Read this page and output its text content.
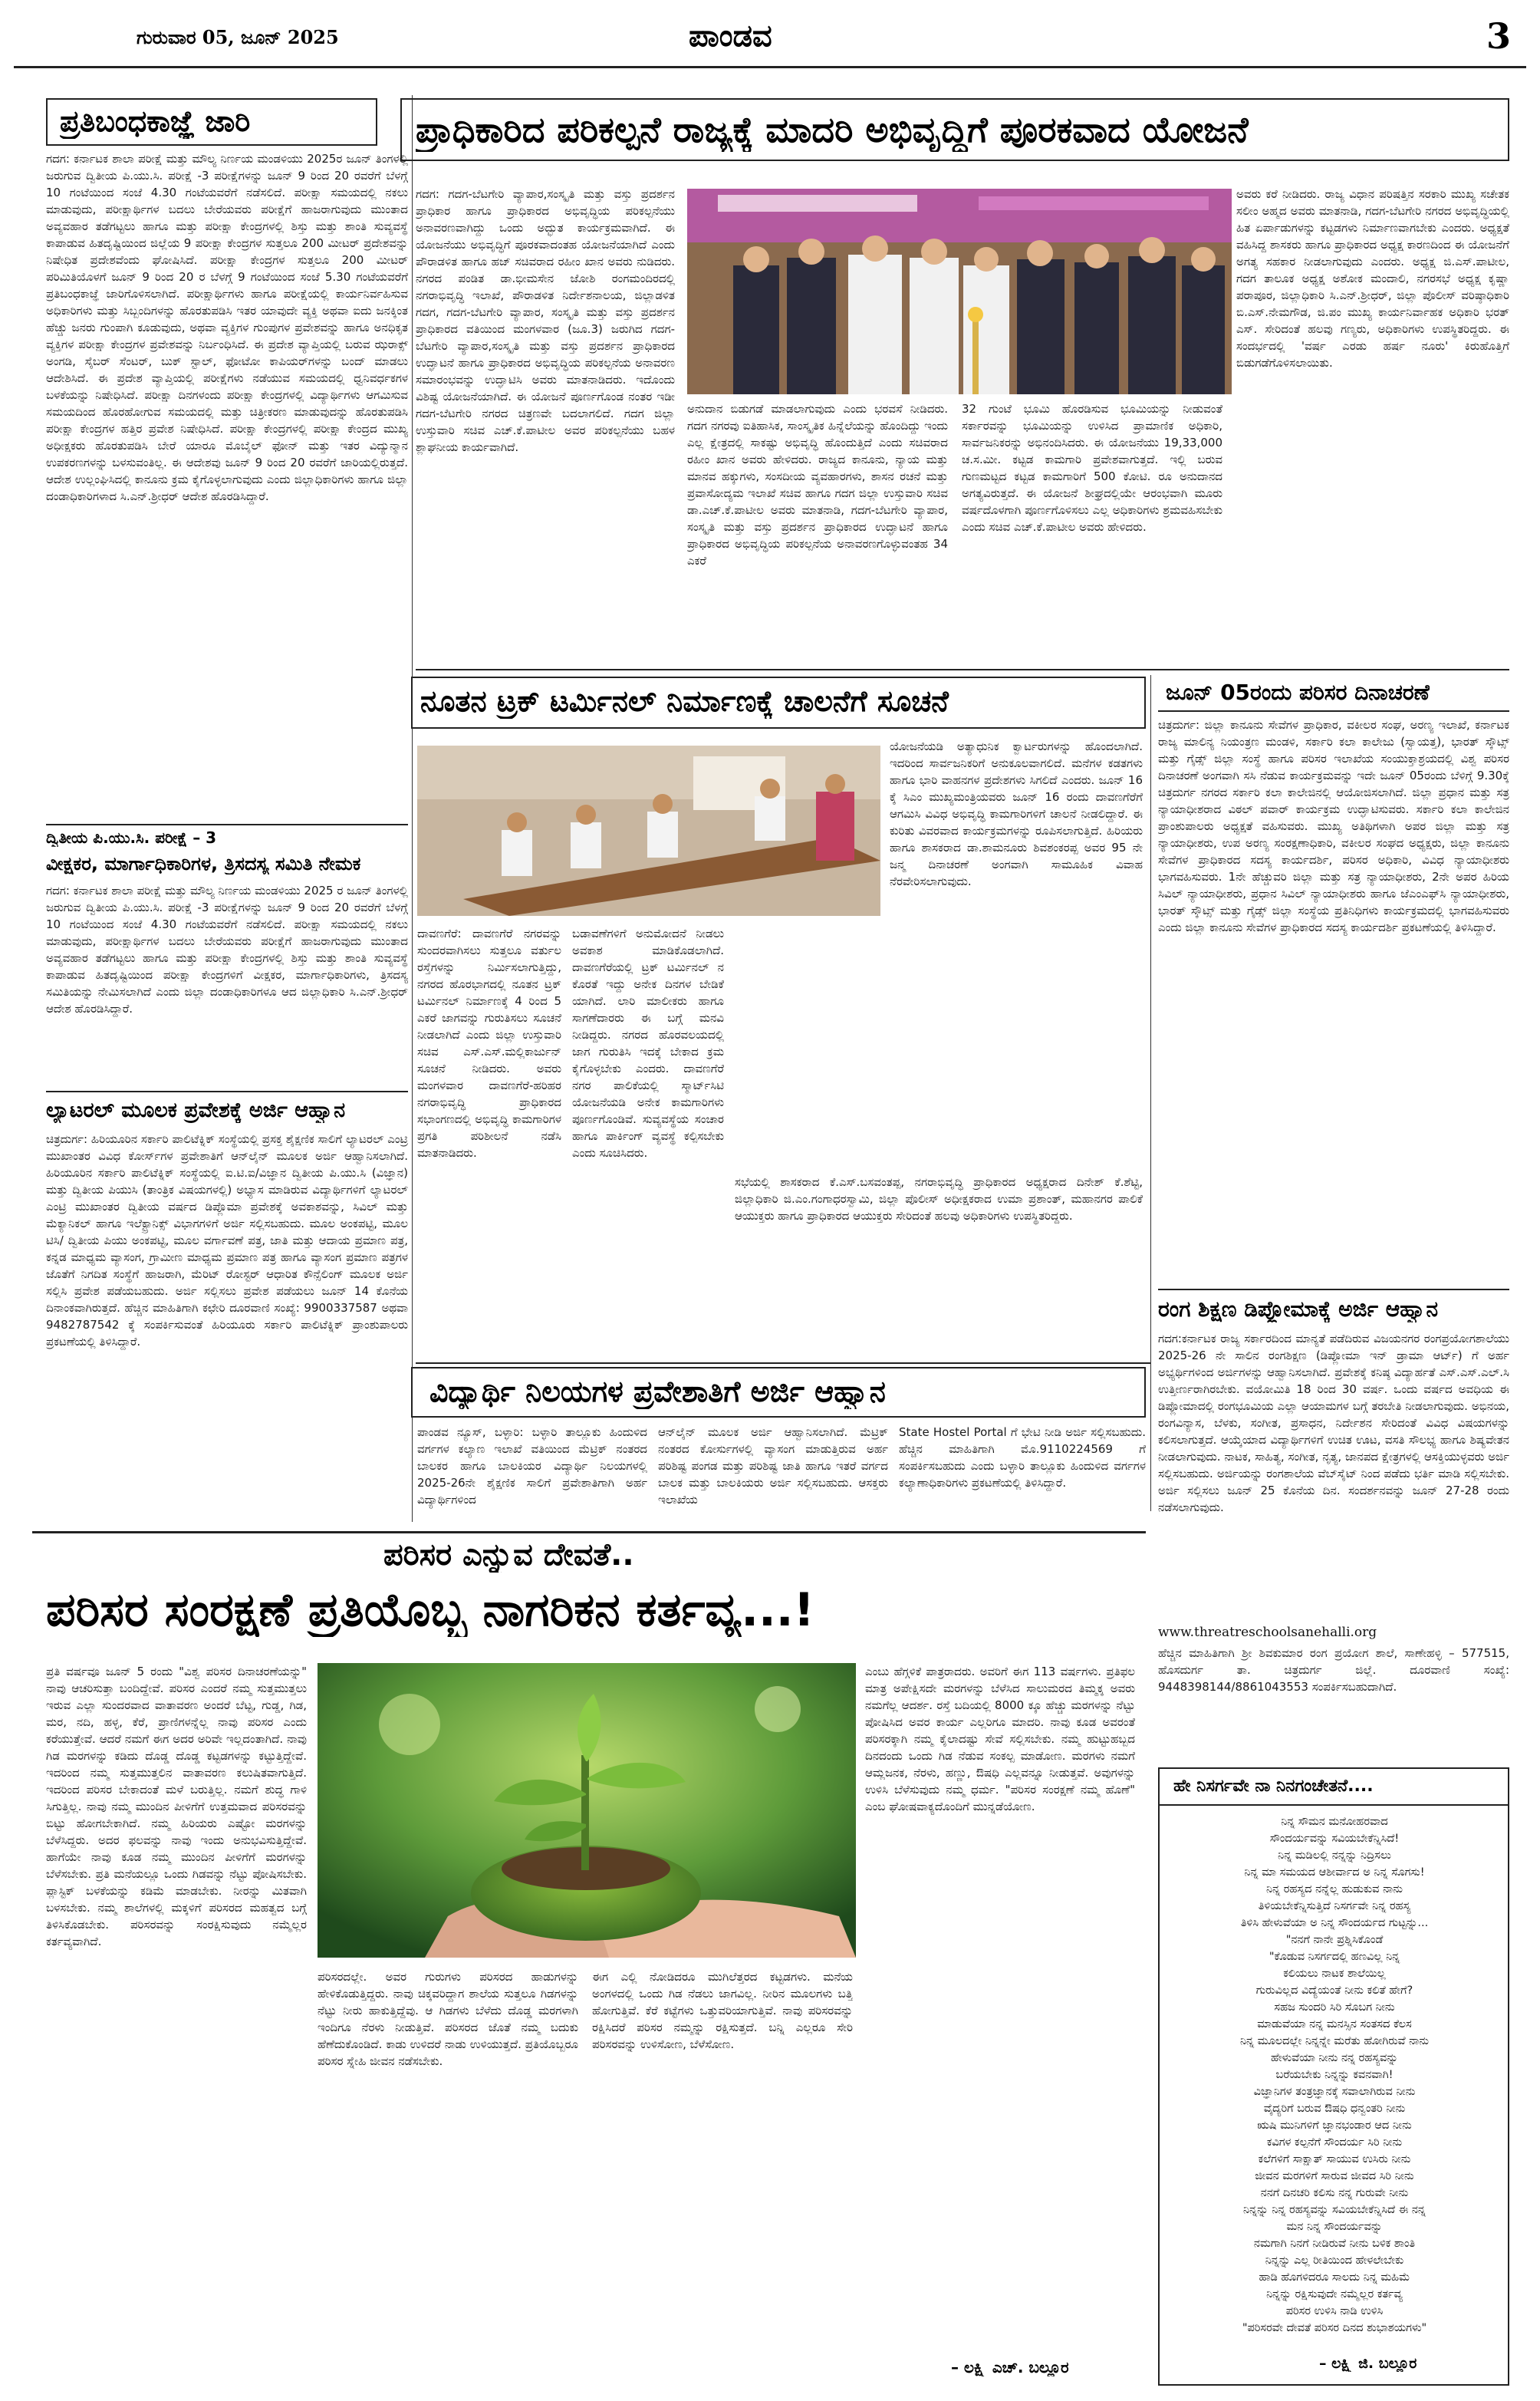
ಗುರುವಾರ 05, ಜೂನ್ 2025	ಪಾಂಡವ	3
ಪ್ರತಿಬಂಧಕಾಜ್ಞೆ ಜಾರಿ
ಗದಗ: ಕರ್ನಾಟಕ ಶಾಲಾ ಪರೀಕ್ಷೆ ಮತ್ತು ಮೌಲ್ಯ ನಿರ್ಣಯ ಮಂಡಳಿಯು 2025ರ ಜೂನ್ ತಿಂಗಳಲ್ಲಿ ಜರುಗುವ ದ್ವಿತೀಯ ಪಿ.ಯು.ಸಿ. ಪರೀಕ್ಷೆ -3 ಪರೀಕ್ಷೆಗಳನ್ನು ಜೂನ್ 9 ರಿಂದ 20 ರವರೆಗೆ ಬೆಳಗ್ಗೆ 10 ಗಂಟೆಯಿಂದ ಸಂಜೆ 4.30 ಗಂಟೆಯವರೆಗೆ ನಡೆಸಲಿದೆ. ಪರೀಕ್ಷಾ ಸಮಯದಲ್ಲಿ ನಕಲು ಮಾಡುವುದು, ಪರೀಕ್ಷಾರ್ಥಿಗಳ ಬದಲು ಬೇರೆಯವರು ಪರೀಕ್ಷೆಗೆ ಹಾಜರಾಗುವುದು ಮುಂತಾದ ಅವ್ಯವಹಾರ ತಡೆಗಟ್ಟಲು ಹಾಗೂ ಮತ್ತು ಪರೀಕ್ಷಾ ಕೇಂದ್ರಗಳಲ್ಲಿ ಶಿಸ್ತು ಮತ್ತು ಶಾಂತಿ ಸುವ್ಯವಸ್ಥೆ ಕಾಪಾಡುವ ಹಿತದೃಷ್ಟಿಯಿಂದ ಜಿಲ್ಲೆಯ 9 ಪರೀಕ್ಷಾ ಕೇಂದ್ರಗಳ ಸುತ್ತಲೂ 200 ಮೀಟರ್ ಪ್ರದೇಶವನ್ನು ನಿಷೇಧಿತ ಪ್ರದೇಶವೆಂದು ಘೋಷಿಸಿದೆ. ಪರೀಕ್ಷಾ ಕೇಂದ್ರಗಳ ಸುತ್ತಲೂ 200 ಮೀಟರ್ ಪರಿಮಿತಿಯೊಳಗೆ ಜೂನ್ 9 ರಿಂದ 20 ರ ಬೆಳಗ್ಗೆ 9 ಗಂಟೆಯಿಂದ ಸಂಜೆ 5.30 ಗಂಟೆಯವರೆಗೆ ಪ್ರತಿಬಂಧಕಾಜ್ಞೆ ಜಾರಿಗೊಳಿಸಲಾಗಿದೆ. ಪರೀಕ್ಷಾರ್ಥಿಗಳು ಹಾಗೂ ಪರೀಕ್ಷೆಯಲ್ಲಿ ಕಾರ್ಯನಿರ್ವಹಿಸುವ ಅಧಿಕಾರಿಗಳು ಮತ್ತು ಸಿಬ್ಬಂದಿಗಳನ್ನು ಹೊರತುಪಡಿಸಿ ಇತರ ಯಾವುದೇ ವ್ಯಕ್ತಿ ಅಥವಾ ಐದು ಜನಕ್ಕಿಂತ ಹೆಚ್ಚು ಜನರು ಗುಂಪಾಗಿ ಕೂಡುವುದು, ಅಥವಾ ವ್ಯಕ್ತಿಗಳ ಗುಂಪುಗಳ ಪ್ರವೇಶವನ್ನು ಹಾಗೂ ಅನಧಿಕೃತ ವ್ಯಕ್ತಿಗಳ ಪರೀಕ್ಷಾ ಕೇಂದ್ರಗಳ ಪ್ರವೇಶವನ್ನು ನಿರ್ಬಂಧಿಸಿದೆ. ಈ ಪ್ರದೇಶ ವ್ಯಾಪ್ತಿಯಲ್ಲಿ ಬರುವ ಝರಾಕ್ಸ್ ಅಂಗಡಿ, ಸೈಬರ್ ಸೆಂಟರ್, ಬುಕ್ ಸ್ಟಾಲ್, ಫೋಟೋ ಕಾಪಿಯರ್‌ಗಳನ್ನು ಬಂದ್ ಮಾಡಲು ಆದೇಶಿಸಿದೆ. ಈ ಪ್ರದೇಶ ವ್ಯಾಪ್ತಿಯಲ್ಲಿ ಪರೀಕ್ಷೆಗಳು ನಡೆಯುವ ಸಮಯದಲ್ಲಿ ಧ್ವನಿವರ್ಧಕಗಳ ಬಳಕೆಯನ್ನು ನಿಷೇಧಿಸಿದೆ. ಪರೀಕ್ಷಾ ದಿನಗಳಂದು ಪರೀಕ್ಷಾ ಕೇಂದ್ರಗಳಲ್ಲಿ ವಿದ್ಯಾರ್ಥಿಗಳು ಆಗಮಿಸುವ ಸಮಯದಿಂದ ಹೊರಹೋಗುವ ಸಮಯದಲ್ಲಿ ಮತ್ತು ಚಿತ್ರೀಕರಣ ಮಾಡುವುದನ್ನು ಹೊರತುಪಡಿಸಿ ಪರೀಕ್ಷಾ ಕೇಂದ್ರಗಳ ಹತ್ತಿರ ಪ್ರವೇಶ ನಿಷೇಧಿಸಿದೆ. ಪರೀಕ್ಷಾ ಕೇಂದ್ರಗಳಲ್ಲಿ ಪರೀಕ್ಷಾ ಕೇಂದ್ರದ ಮುಖ್ಯ ಅಧೀಕ್ಷಕರು ಹೊರತುಪಡಿಸಿ ಬೇರೆ ಯಾರೂ ಮೊಬೈಲ್ ಫೋನ್ ಮತ್ತು ಇತರ ವಿದ್ಯುನ್ಮಾನ ಉಪಕರಣಗಳನ್ನು ಬಳಸುವಂತಿಲ್ಲ. ಈ ಆದೇಶವು ಜೂನ್ 9 ರಿಂದ 20 ರವರೆಗೆ ಜಾರಿಯಲ್ಲಿರುತ್ತದೆ. ಆದೇಶ ಉಲ್ಲಂಘಿಸಿದಲ್ಲಿ ಕಾನೂನು ಕ್ರಮ ಕೈಗೊಳ್ಳಲಾಗುವುದು ಎಂದು ಜಿಲ್ಲಾಧಿಕಾರಿಗಳು ಹಾಗೂ ಜಿಲ್ಲಾ ದಂಡಾಧಿಕಾರಿಗಳಾದ ಸಿ.ಎನ್.ಶ್ರೀಧರ್ ಆದೇಶ ಹೊರಡಿಸಿದ್ದಾರೆ.
ದ್ವಿತೀಯ ಪಿ.ಯು.ಸಿ. ಪರೀಕ್ಷೆ – 3
ವೀಕ್ಷಕರ, ಮಾರ್ಗಾಧಿಕಾರಿಗಳ, ತ್ರಿಸದಸ್ಯ ಸಮಿತಿ ನೇಮಕ
ಗದಗ: ಕರ್ನಾಟಕ ಶಾಲಾ ಪರೀಕ್ಷೆ ಮತ್ತು ಮೌಲ್ಯ ನಿರ್ಣಯ ಮಂಡಳಿಯು 2025 ರ ಜೂನ್ ತಿಂಗಳಲ್ಲಿ ಜರುಗುವ ದ್ವಿತೀಯ ಪಿ.ಯು.ಸಿ. ಪರೀಕ್ಷೆ -3 ಪರೀಕ್ಷೆಗಳನ್ನು ಜೂನ್ 9 ರಿಂದ 20 ರವರೆಗೆ ಬೆಳಗ್ಗೆ 10 ಗಂಟೆಯಿಂದ ಸಂಜೆ 4.30 ಗಂಟೆಯವರೆಗೆ ನಡೆಸಲಿದೆ. ಪರೀಕ್ಷಾ ಸಮಯದಲ್ಲಿ ನಕಲು ಮಾಡುವುದು, ಪರೀಕ್ಷಾರ್ಥಿಗಳ ಬದಲು ಬೇರೆಯವರು ಪರೀಕ್ಷೆಗೆ ಹಾಜರಾಗುವುದು ಮುಂತಾದ ಅವ್ಯವಹಾರ ತಡೆಗಟ್ಟಲು ಹಾಗೂ ಮತ್ತು ಪರೀಕ್ಷಾ ಕೇಂದ್ರಗಳಲ್ಲಿ ಶಿಸ್ತು ಮತ್ತು ಶಾಂತಿ ಸುವ್ಯವಸ್ಥೆ ಕಾಪಾಡುವ ಹಿತದೃಷ್ಟಿಯಿಂದ ಪರೀಕ್ಷಾ ಕೇಂದ್ರಗಳಿಗೆ ವೀಕ್ಷಕರ, ಮಾರ್ಗಾಧಿಕಾರಿಗಳು, ತ್ರಿಸದಸ್ಯ ಸಮಿತಿಯನ್ನು ನೇಮಿಸಲಾಗಿದೆ ಎಂದು ಜಿಲ್ಲಾ ದಂಡಾಧಿಕಾರಿಗಳೂ ಆದ ಜಿಲ್ಲಾಧಿಕಾರಿ ಸಿ.ಎನ್.ಶ್ರೀಧರ್ ಆದೇಶ ಹೊರಡಿಸಿದ್ದಾರೆ.
ಲ್ಯಾಟರಲ್ ಮೂಲಕ ಪ್ರವೇಶಕ್ಕೆ ಅರ್ಜಿ ಆಹ್ವಾನ
ಚಿತ್ರದುರ್ಗ: ಹಿರಿಯೂರಿನ ಸರ್ಕಾರಿ ಪಾಲಿಟೆಕ್ನಿಕ್ ಸಂಸ್ಥೆಯಲ್ಲಿ ಪ್ರಸಕ್ತ ಶೈಕ್ಷಣಿಕ ಸಾಲಿಗೆ ಲ್ಯಾಟರಲ್ ಎಂಟ್ರಿ ಮುಖಾಂತರ ವಿವಿಧ ಕೋರ್ಸ್‌ಗಳ ಪ್ರವೇಶಾತಿಗೆ ಆನ್‌ಲೈನ್ ಮೂಲಕ ಅರ್ಜಿ ಆಹ್ವಾನಿಸಲಾಗಿದೆ. ಹಿರಿಯೂರಿನ ಸರ್ಕಾರಿ ಪಾಲಿಟೆಕ್ನಿಕ್ ಸಂಸ್ಥೆಯಲ್ಲಿ ಐ.ಟಿ.ಐ/ವಿಜ್ಞಾನ ದ್ವಿತೀಯ ಪಿ.ಯು.ಸಿ (ವಿಜ್ಞಾನ) ಮತ್ತು ದ್ವಿತೀಯ ಪಿಯುಸಿ (ತಾಂತ್ರಿಕ ವಿಷಯಗಳಲ್ಲಿ) ಅಭ್ಯಾಸ ಮಾಡಿರುವ ವಿದ್ಯಾರ್ಥಿಗಳಿಗೆ ಲ್ಯಾಟರಲ್ ಎಂಟ್ರಿ ಮುಖಾಂತರ ದ್ವಿತೀಯ ವರ್ಷದ ಡಿಪ್ಲೊಮಾ ಪ್ರವೇಶಕ್ಕೆ ಅವಕಾಶವನ್ನು, ಸಿವಿಲ್ ಮತ್ತು ಮೆಕ್ಯಾನಿಕಲ್ ಹಾಗೂ ಇಲೆಕ್ಟ್ರಾನಿಕ್ಸ್ ವಿಭಾಗಗಳಿಗೆ ಅರ್ಜಿ ಸಲ್ಲಿಸಬಹುದು. ಮೂಲ ಅಂಕಪಟ್ಟಿ, ಮೂಲ ಟಿಸಿ/ ದ್ವಿತೀಯ ಪಿಯು ಅಂಕಪಟ್ಟಿ, ಮೂಲ ವರ್ಗಾವಣೆ ಪತ್ರ, ಜಾತಿ ಮತ್ತು ಆದಾಯ ಪ್ರಮಾಣ ಪತ್ರ, ಕನ್ನಡ ಮಾಧ್ಯಮ ವ್ಯಾಸಂಗ, ಗ್ರಾಮೀಣ ಮಾಧ್ಯಮ ಪ್ರಮಾಣ ಪತ್ರ ಹಾಗೂ ವ್ಯಾಸಂಗ ಪ್ರಮಾಣ ಪತ್ರಗಳ ಜೊತೆಗೆ ನಿಗದಿತ ಸಂಸ್ಥೆಗೆ ಹಾಜರಾಗಿ, ಮೆರಿಟ್ ರೋಸ್ಟರ್ ಆಧಾರಿತ ಕೌನ್ಸೆಲಿಂಗ್ ಮೂಲಕ ಅರ್ಜಿ ಸಲ್ಲಿಸಿ ಪ್ರವೇಶ ಪಡೆಯಬಹುದು. ಅರ್ಜಿ ಸಲ್ಲಿಸಲು ಪ್ರವೇಶ ಪಡೆಯಲು ಜೂನ್ 14 ಕೊನೆಯ ದಿನಾಂಕವಾಗಿರುತ್ತದೆ. ಹೆಚ್ಚಿನ ಮಾಹಿತಿಗಾಗಿ ಕಛೇರಿ ದೂರವಾಣಿ ಸಂಖ್ಯೆ: 9900337587 ಅಥವಾ 9482787542 ಕ್ಕೆ ಸಂಪರ್ಕಿಸುವಂತೆ ಹಿರಿಯೂರು ಸರ್ಕಾರಿ ಪಾಲಿಟೆಕ್ನಿಕ್ ಪ್ರಾಂಶುಪಾಲರು ಪ್ರಕಟಣೆಯಲ್ಲಿ ತಿಳಿಸಿದ್ದಾರೆ.
ಪ್ರಾಧಿಕಾರಿದ ಪರಿಕಲ್ಪನೆ ರಾಜ್ಯಕ್ಕೆ ಮಾದರಿ ಅಭಿವೃದ್ಧಿಗೆ ಪೂರಕವಾದ ಯೋಜನೆ
ಗದಗ: ಗದಗ-ಬೆಟಗೇರಿ ವ್ಯಾಪಾರ,ಸಂಸ್ಕೃತಿ ಮತ್ತು ವಸ್ತು ಪ್ರದರ್ಶನ ಪ್ರಾಧಿಕಾರ ಹಾಗೂ ಪ್ರಾಧಿಕಾರದ ಅಭಿವೃದ್ಧಿಯ ಪರಿಕಲ್ಪನೆಯು ಅನಾವರಣವಾಗಿದ್ದು ಒಂದು ಅದ್ಭುತ ಕಾರ್ಯಕ್ರಮವಾಗಿದೆ. ಈ ಯೋಜನೆಯು ಅಭಿವೃದ್ಧಿಗೆ ಪೂರಕವಾದಂತಹ ಯೋಜನೆಯಾಗಿದೆ ಎಂದು ಪೌರಾಡಳಿತ ಹಾಗೂ ಹಜ್ ಸಚಿವರಾದ ರಹೀಂ ಖಾನ ಅವರು ನುಡಿದರು. ನಗರದ ಪಂಡಿತ ಡಾ.ಭೀಮಸೇನ ಜೋಶಿ ರಂಗಮಂದಿರದಲ್ಲಿ ನಗರಾಭಿವೃದ್ಧಿ ಇಲಾಖೆ, ಪೌರಾಡಳಿತ ನಿರ್ದೇಶನಾಲಯ, ಜಿಲ್ಲಾಡಳಿತ ಗದಗ, ಗದಗ-ಬೆಟಗೇರಿ ವ್ಯಾಪಾರ, ಸಂಸ್ಕೃತಿ ಮತ್ತು ವಸ್ತು ಪ್ರದರ್ಶನ ಪ್ರಾಧಿಕಾರದ ವತಿಯಿಂದ ಮಂಗಳವಾರ (ಜೂ.3) ಜರುಗಿದ ಗದಗ-ಬೆಟಗೇರಿ ವ್ಯಾಪಾರ,ಸಂಸ್ಕೃತಿ ಮತ್ತು ವಸ್ತು ಪ್ರದರ್ಶನ ಪ್ರಾಧಿಕಾರದ ಉದ್ಘಾಟನೆ ಹಾಗೂ ಪ್ರಾಧಿಕಾರದ ಅಭಿವೃದ್ಧಿಯ ಪರಿಕಲ್ಪನೆಯ ಅನಾವರಣ ಸಮಾರಂಭವನ್ನು ಉದ್ಘಾಟಿಸಿ ಅವರು ಮಾತನಾಡಿದರು. ಇದೊಂದು ವಿಶಿಷ್ಟ ಯೋಜನೆಯಾಗಿದೆ. ಈ ಯೋಜನೆ ಪೂರ್ಣಗೊಂಡ ನಂತರ ಇಡೀ ಗದಗ-ಬೆಟಗೇರಿ ನಗರದ ಚಿತ್ರಣವೇ ಬದಲಾಗಲಿದೆ. ಗದಗ ಜಿಲ್ಲಾ ಉಸ್ತುವಾರಿ ಸಚಿವ ಎಚ್.ಕೆ.ಪಾಟೀಲ ಅವರ ಪರಿಕಲ್ಪನೆಯು ಬಹಳ ಶ್ಲಾಘನೀಯ ಕಾರ್ಯವಾಗಿದೆ.
ಅನುದಾನ ಬಿಡುಗಡೆ ಮಾಡಲಾಗುವುದು ಎಂದು ಭರವಸೆ ನೀಡಿದರು. ಗದಗ ನಗರವು ಐತಿಹಾಸಿಕ, ಸಾಂಸ್ಕೃತಿಕ ಹಿನ್ನೆಲೆಯನ್ನು ಹೊಂದಿದ್ದು ಇಂದು ಎಲ್ಲ ಕ್ಷೇತ್ರದಲ್ಲಿ ಸಾಕಷ್ಟು ಅಭಿವೃದ್ಧಿ ಹೊಂದುತ್ತಿದೆ ಎಂದು ಸಚಿವರಾದ ರಹೀಂ ಖಾನ ಅವರು ಹೇಳಿದರು. ರಾಜ್ಯದ ಕಾನೂನು, ನ್ಯಾಯ ಮತ್ತು ಮಾನವ ಹಕ್ಕುಗಳು, ಸಂಸದೀಯ ವ್ಯವಹಾರಗಳು, ಶಾಸನ ರಚನೆ ಮತ್ತು ಪ್ರವಾಸೋದ್ಯಮ ಇಲಾಖೆ ಸಚಿವ ಹಾಗೂ ಗದಗ ಜಿಲ್ಲಾ ಉಸ್ತುವಾರಿ ಸಚಿವ ಡಾ.ಎಚ್.ಕೆ.ಪಾಟೀಲ ಅವರು ಮಾತನಾಡಿ, ಗದಗ-ಬೆಟಗೇರಿ ವ್ಯಾಪಾರ, ಸಂಸ್ಕೃತಿ ಮತ್ತು ವಸ್ತು ಪ್ರದರ್ಶನ ಪ್ರಾಧಿಕಾರದ ಉದ್ಘಾಟನೆ ಹಾಗೂ ಪ್ರಾಧಿಕಾರದ ಅಭಿವೃದ್ಧಿಯ ಪರಿಕಲ್ಪನೆಯ ಅನಾವರಣಗೊಳ್ಳುವಂತಹ 34 ಎಕರೆ
32 ಗುಂಟೆ ಭೂಮಿ ಹೊರಡಿಸುವ ಭೂಮಿಯನ್ನು ನೀಡುವಂತೆ ಸರ್ಕಾರವನ್ನು ಭೂಮಿಯನ್ನು ಉಳಿಸಿದ ಪ್ರಾಮಾಣಿಕ ಅಧಿಕಾರಿ, ಸಾರ್ವಜನಿಕರನ್ನು ಅಭಿನಂದಿಸಿದರು. ಈ ಯೋಜನೆಯು 19,33,000 ಚ.ಸ.ಮೀ. ಕಟ್ಟಡ ಕಾಮಗಾರಿ ಪ್ರವೇಶವಾಗುತ್ತದೆ. ಇಲ್ಲಿ ಬರುವ ಗುಣಮಟ್ಟದ ಕಟ್ಟಡ ಕಾಮಗಾರಿಗೆ 500 ಕೋಟಿ. ರೂ ಅನುದಾನದ ಅಗತ್ಯವಿರುತ್ತದೆ. ಈ ಯೋಜನೆ ಶೀಘ್ರದಲ್ಲಿಯೇ ಆರಂಭವಾಗಿ ಮೂರು ವರ್ಷದೊಳಗಾಗಿ ಪೂರ್ಣಗೊಳಿಸಲು ಎಲ್ಲ ಅಧಿಕಾರಿಗಳು ಶ್ರಮವಹಿಸಬೇಕು ಎಂದು ಸಚಿವ ಎಚ್.ಕೆ.ಪಾಟೀಲ ಅವರು ಹೇಳಿದರು.
ಅವರು ಕರೆ ನೀಡಿದರು. ರಾಜ್ಯ ವಿಧಾನ ಪರಿಷತ್ತಿನ ಸರಕಾರಿ ಮುಖ್ಯ ಸಚೇತಕ ಸಲೀಂ ಅಹ್ಮದ ಅವರು ಮಾತನಾಡಿ, ಗದಗ-ಬೆಟಗೇರಿ ನಗರದ ಅಭಿವೃದ್ಧಿಯಲ್ಲಿ ಹಿತ ಏರ್ಪಾಡುಗಳನ್ನು ಕಟ್ಟಡಗಳು ನಿರ್ಮಾಣವಾಗಬೇಕು ಎಂದರು. ಅಧ್ಯಕ್ಷತೆ ವಹಿಸಿದ್ದ ಶಾಸಕರು ಹಾಗೂ ಪ್ರಾಧಿಕಾರದ ಅಧ್ಯಕ್ಷ ಕಾರಣದಿಂದ ಈ ಯೋಜನೆಗೆ ಅಗತ್ಯ ಸಹಕಾರ ನೀಡಲಾಗುವುದು ಎಂದರು. ಅಧ್ಯಕ್ಷ ಜಿ.ಎಸ್.ಪಾಟೀಲ, ಗದಗ ತಾಲೂಕ ಅಧ್ಯಕ್ಷ ಅಶೋಕ ಮಂದಾಲಿ, ನಗರಸಭೆ ಅಧ್ಯಕ್ಷ ಕೃಷ್ಣಾ ಪರಾಪೂರ, ಜಿಲ್ಲಾಧಿಕಾರಿ ಸಿ.ಎನ್.ಶ್ರೀಧರ್, ಜಿಲ್ಲಾ ಪೊಲೀಸ್ ವರಿಷ್ಠಾಧಿಕಾರಿ ಬಿ.ಎಸ್.ನೇಮಗೌಡ, ಜಿ.ಪಂ ಮುಖ್ಯ ಕಾರ್ಯನಿರ್ವಾಹಕ ಅಧಿಕಾರಿ ಭರತ್ ಎಸ್. ಸೇರಿದಂತೆ ಹಲವು ಗಣ್ಯರು, ಅಧಿಕಾರಿಗಳು ಉಪಸ್ಥಿತರಿದ್ದರು. ಈ ಸಂದರ್ಭದಲ್ಲಿ 'ವರ್ಷ ಎರಡು ಹರ್ಷ ನೂರು' ಕಿರುಹೊತ್ತಿಗೆ ಬಿಡುಗಡೆಗೊಳಿಸಲಾಯಿತು.
ನೂತನ ಟ್ರಕ್ ಟರ್ಮಿನಲ್ ನಿರ್ಮಾಣಕ್ಕೆ ಚಾಲನೆಗೆ ಸೂಚನೆ
ಯೋಜನೆಯಡಿ ಅತ್ಯಾಧುನಿಕ ಕ್ವಾರ್ಟರುಗಳನ್ನು ಹೊಂದಲಾಗಿದೆ. ಇದರಿಂದ ಸಾರ್ವಜನಿಕರಿಗೆ ಅನುಕೂಲವಾಗಲಿದೆ. ಮನೆಗಳ ಕಡತಗಳು ಹಾಗೂ ಭಾರಿ ವಾಹನಗಳ ಪ್ರದೇಶಗಳು ಸಿಗಲಿದೆ ಎಂದರು. ಜೂನ್ 16 ಕ್ಕೆ ಸಿಎಂ ಮುಖ್ಯಮಂತ್ರಿಯವರು ಜೂನ್ 16 ರಂದು ದಾವಣಗೆರೆಗೆ ಆಗಮಿಸಿ ವಿವಿಧ ಅಭಿವೃದ್ಧಿ ಕಾಮಗಾರಿಗಳಿಗೆ ಚಾಲನೆ ನೀಡಲಿದ್ದಾರೆ. ಈ ಕುರಿತು ವಿವರವಾದ ಕಾರ್ಯಕ್ರಮಗಳನ್ನು ರೂಪಿಸಲಾಗುತ್ತಿದೆ. ಹಿರಿಯರು ಹಾಗೂ ಶಾಸಕರಾದ ಡಾ.ಶಾಮನೂರು ಶಿವಶಂಕರಪ್ಪ ಅವರ 95 ನೇ ಜನ್ಮ ದಿನಾಚರಣೆ ಅಂಗವಾಗಿ ಸಾಮೂಹಿಕ ವಿವಾಹ ನೆರವೇರಿಸಲಾಗುವುದು.
ದಾವಣಗೆರೆ: ದಾವಣಗೆರೆ ನಗರವನ್ನು ಸುಂದರವಾಗಿಸಲು ಸುತ್ತಲೂ ವರ್ತುಲ ರಸ್ತೆಗಳನ್ನು ನಿರ್ಮಿಸಲಾಗುತ್ತಿದ್ದು, ನಗರದ ಹೊರಭಾಗದಲ್ಲಿ ನೂತನ ಟ್ರಕ್ ಟರ್ಮಿನಲ್ ನಿರ್ಮಾಣಕ್ಕೆ 4 ರಿಂದ 5 ಎಕರೆ ಜಾಗವನ್ನು ಗುರುತಿಸಲು ಸೂಚನೆ ನೀಡಲಾಗಿದೆ ಎಂದು ಜಿಲ್ಲಾ ಉಸ್ತುವಾರಿ ಸಚಿವ ಎಸ್.ಎಸ್.ಮಲ್ಲಿಕಾರ್ಜುನ್ ಸೂಚನೆ ನೀಡಿದರು. ಅವರು ಮಂಗಳವಾರ ದಾವಣಗೆರೆ-ಹರಿಹರ ನಗರಾಭಿವೃದ್ಧಿ ಪ್ರಾಧಿಕಾರದ ಸಭಾಂಗಣದಲ್ಲಿ ಅಭಿವೃದ್ಧಿ ಕಾಮಗಾರಿಗಳ ಪ್ರಗತಿ ಪರಿಶೀಲನೆ ನಡೆಸಿ ಮಾತನಾಡಿದರು.
ಬಡಾವಣೆಗಳಿಗೆ ಅನುಮೋದನೆ ನೀಡಲು ಅವಕಾಶ ಮಾಡಿಕೊಡಲಾಗಿದೆ. ದಾವಣಗೆರೆಯಲ್ಲಿ ಟ್ರಕ್ ಟರ್ಮಿನಲ್ ನ ಕೊರತೆ ಇದ್ದು ಅನೇಕ ದಿನಗಳ ಬೇಡಿಕೆ ಯಾಗಿದೆ. ಲಾರಿ ಮಾಲೀಕರು ಹಾಗೂ ಸಾಗಣೆದಾರರು ಈ ಬಗ್ಗೆ ಮನವಿ ನೀಡಿದ್ದರು. ನಗರದ ಹೊರವಲಯದಲ್ಲಿ ಜಾಗ ಗುರುತಿಸಿ ಇದಕ್ಕೆ ಬೇಕಾದ ಕ್ರಮ ಕೈಗೊಳ್ಳಬೇಕು ಎಂದರು. ದಾವಣಗೆರೆ ನಗರ ಪಾಲಿಕೆಯಲ್ಲಿ ಸ್ಮಾರ್ಟ್‌ಸಿಟಿ ಯೋಜನೆಯಡಿ ಅನೇಕ ಕಾಮಗಾರಿಗಳು ಪೂರ್ಣಗೊಂಡಿವೆ. ಸುವ್ಯವಸ್ಥೆಯ ಸಂಚಾರ ಹಾಗೂ ಪಾರ್ಕಿಂಗ್ ವ್ಯವಸ್ಥೆ ಕಲ್ಪಿಸಬೇಕು ಎಂದು ಸೂಚಿಸಿದರು.
ಸಭೆಯಲ್ಲಿ ಶಾಸಕರಾದ ಕೆ.ಎಸ್.ಬಸವಂತಪ್ಪ, ನಗರಾಭಿವೃದ್ಧಿ ಪ್ರಾಧಿಕಾರದ ಅಧ್ಯಕ್ಷರಾದ ದಿನೇಶ್ ಕೆ.ಶೆಟ್ಟಿ, ಜಿಲ್ಲಾಧಿಕಾರಿ ಜಿ.ಎಂ.ಗಂಗಾಧರಸ್ವಾಮಿ, ಜಿಲ್ಲಾ ಪೊಲೀಸ್ ಅಧೀಕ್ಷಕರಾದ ಉಮಾ ಪ್ರಶಾಂತ್, ಮಹಾನಗರ ಪಾಲಿಕೆ ಆಯುಕ್ತರು ಹಾಗೂ ಪ್ರಾಧಿಕಾರದ ಆಯುಕ್ತರು ಸೇರಿದಂತೆ ಹಲವು ಅಧಿಕಾರಿಗಳು ಉಪಸ್ಥಿತರಿದ್ದರು.
ಜೂನ್ 05ರಂದು ಪರಿಸರ ದಿನಾಚರಣೆ
ಚಿತ್ರದುರ್ಗ: ಜಿಲ್ಲಾ ಕಾನೂನು ಸೇವೆಗಳ ಪ್ರಾಧಿಕಾರ, ವಕೀಲರ ಸಂಘ, ಅರಣ್ಯ ಇಲಾಖೆ, ಕರ್ನಾಟಕ ರಾಜ್ಯ ಮಾಲಿನ್ಯ ನಿಯಂತ್ರಣ ಮಂಡಳಿ, ಸರ್ಕಾರಿ ಕಲಾ ಕಾಲೇಜು (ಸ್ವಾಯತ್ತ), ಭಾರತ್ ಸ್ಕೌಟ್ಸ್ ಮತ್ತು ಗೈಡ್ಸ್ ಜಿಲ್ಲಾ ಸಂಸ್ಥೆ ಹಾಗೂ ಪರಿಸರ ಇಲಾಖೆಯ ಸಂಯುಕ್ತಾಶ್ರಯದಲ್ಲಿ ವಿಶ್ವ ಪರಿಸರ ದಿನಾಚರಣೆ ಅಂಗವಾಗಿ ಸಸಿ ನೆಡುವ ಕಾರ್ಯಕ್ರಮವನ್ನು ಇದೇ ಜೂನ್ 05ರಂದು ಬೆಳಿಗ್ಗೆ 9.30ಕ್ಕೆ ಚಿತ್ರದುರ್ಗ ನಗರದ ಸರ್ಕಾರಿ ಕಲಾ ಕಾಲೇಜಿನಲ್ಲಿ ಆಯೋಜಿಸಲಾಗಿದೆ. ಜಿಲ್ಲಾ ಪ್ರಧಾನ ಮತ್ತು ಸತ್ರ ನ್ಯಾಯಾಧೀಶರಾದ ವಿಠಲ್ ಪವಾರ್ ಕಾರ್ಯಕ್ರಮ ಉದ್ಘಾಟಿಸುವರು. ಸರ್ಕಾರಿ ಕಲಾ ಕಾಲೇಜಿನ ಪ್ರಾಂಶುಪಾಲರು ಅಧ್ಯಕ್ಷತೆ ವಹಿಸುವರು. ಮುಖ್ಯ ಅತಿಥಿಗಳಾಗಿ ಅಪರ ಜಿಲ್ಲಾ ಮತ್ತು ಸತ್ರ ನ್ಯಾಯಾಧೀಶರು, ಉಪ ಅರಣ್ಯ ಸಂರಕ್ಷಣಾಧಿಕಾರಿ, ವಕೀಲರ ಸಂಘದ ಅಧ್ಯಕ್ಷರು, ಜಿಲ್ಲಾ ಕಾನೂನು ಸೇವೆಗಳ ಪ್ರಾಧಿಕಾರದ ಸದಸ್ಯ ಕಾರ್ಯದರ್ಶಿ, ಪರಿಸರ ಅಧಿಕಾರಿ, ವಿವಿಧ ನ್ಯಾಯಾಧೀಶರು ಭಾಗವಹಿಸುವರು. 1ನೇ ಹೆಚ್ಚುವರಿ ಜಿಲ್ಲಾ ಮತ್ತು ಸತ್ರ ನ್ಯಾಯಾಧೀಶರು, 2ನೇ ಅಪರ ಹಿರಿಯ ಸಿವಿಲ್ ನ್ಯಾಯಾಧೀಶರು, ಪ್ರಧಾನ ಸಿವಿಲ್ ನ್ಯಾಯಾಧೀಶರು ಹಾಗೂ ಜೆಎಂಎಫ್‌ಸಿ ನ್ಯಾಯಾಧೀಶರು, ಭಾರತ್ ಸ್ಕೌಟ್ಸ್ ಮತ್ತು ಗೈಡ್ಸ್ ಜಿಲ್ಲಾ ಸಂಸ್ಥೆಯ ಪ್ರತಿನಿಧಿಗಳು ಕಾರ್ಯಕ್ರಮದಲ್ಲಿ ಭಾಗವಹಿಸುವರು ಎಂದು ಜಿಲ್ಲಾ ಕಾನೂನು ಸೇವೆಗಳ ಪ್ರಾಧಿಕಾರದ ಸದಸ್ಯ ಕಾರ್ಯದರ್ಶಿ ಪ್ರಕಟಣೆಯಲ್ಲಿ ತಿಳಿಸಿದ್ದಾರೆ.
ರಂಗ ಶಿಕ್ಷಣ ಡಿಪ್ಲೋಮಾಕ್ಕೆ ಅರ್ಜಿ ಆಹ್ವಾನ
ಗದಗ:ಕರ್ನಾಟಕ ರಾಜ್ಯ ಸರ್ಕಾರದಿಂದ ಮಾನ್ಯತೆ ಪಡೆದಿರುವ ವಿಜಯನಗರ ರಂಗಪ್ರಯೋಗಶಾಲೆಯು 2025-26 ನೇ ಸಾಲಿನ ರಂಗಶಿಕ್ಷಣ (ಡಿಪ್ಲೋಮಾ ಇನ್ ಡ್ರಾಮಾ ಆರ್ಟ್) ಗೆ ಅರ್ಹ ಅಭ್ಯರ್ಥಿಗಳಿಂದ ಅರ್ಜಿಗಳನ್ನು ಆಹ್ವಾನಿಸಲಾಗಿದೆ. ಪ್ರವೇಶಕ್ಕೆ ಕನಿಷ್ಠ ವಿದ್ಯಾರ್ಹತೆ ಎಸ್.ಎಸ್.ಎಲ್.ಸಿ ಉತ್ತೀರ್ಣರಾಗಿರಬೇಕು. ವಯೋಮಿತಿ 18 ರಿಂದ 30 ವರ್ಷ. ಒಂದು ವರ್ಷದ ಅವಧಿಯ ಈ ಡಿಪ್ಲೋಮಾದಲ್ಲಿ ರಂಗಭೂಮಿಯ ಎಲ್ಲಾ ಆಯಾಮಗಳ ಬಗ್ಗೆ ತರಬೇತಿ ನೀಡಲಾಗುವುದು. ಅಭಿನಯ, ರಂಗವಿನ್ಯಾಸ, ಬೆಳಕು, ಸಂಗೀತ, ಪ್ರಸಾಧನ, ನಿರ್ದೇಶನ ಸೇರಿದಂತೆ ವಿವಿಧ ವಿಷಯಗಳನ್ನು ಕಲಿಸಲಾಗುತ್ತದೆ. ಆಯ್ಕೆಯಾದ ವಿದ್ಯಾರ್ಥಿಗಳಿಗೆ ಉಚಿತ ಊಟ, ವಸತಿ ಸೌಲಭ್ಯ ಹಾಗೂ ಶಿಷ್ಯವೇತನ ನೀಡಲಾಗುವುದು. ನಾಟಕ, ಸಾಹಿತ್ಯ, ಸಂಗೀತ, ನೃತ್ಯ, ಜಾನಪದ ಕ್ಷೇತ್ರಗಳಲ್ಲಿ ಆಸಕ್ತಿಯುಳ್ಳವರು ಅರ್ಜಿ ಸಲ್ಲಿಸಬಹುದು. ಅರ್ಜಿಯನ್ನು ರಂಗಶಾಲೆಯ ವೆಬ್‌ಸೈಟ್ ನಿಂದ ಪಡೆದು ಭರ್ತಿ ಮಾಡಿ ಸಲ್ಲಿಸಬೇಕು. ಅರ್ಜಿ ಸಲ್ಲಿಸಲು ಜೂನ್ 25 ಕೊನೆಯ ದಿನ. ಸಂದರ್ಶನವನ್ನು ಜೂನ್ 27-28 ರಂದು ನಡೆಸಲಾಗುವುದು.
www.threatreschoolsanehalli.org
ಹೆಚ್ಚಿನ ಮಾಹಿತಿಗಾಗಿ ಶ್ರೀ ಶಿವಕುಮಾರ ರಂಗ ಪ್ರಯೋಗ ಶಾಲೆ, ಸಾಣೇಹಳ್ಳಿ – 577515, ಹೊಸದುರ್ಗ ತಾ. ಚಿತ್ರದುರ್ಗ ಜಿಲ್ಲೆ. ದೂರವಾಣಿ ಸಂಖ್ಯೆ: 9448398144/8861043553 ಸಂಪರ್ಕಿಸಬಹುದಾಗಿದೆ.
ವಿದ್ಯಾರ್ಥಿ ನಿಲಯಗಳ ಪ್ರವೇಶಾತಿಗೆ ಅರ್ಜಿ ಆಹ್ವಾನ
ಪಾಂಡವ ನ್ಯೂಸ್, ಬಳ್ಳಾರಿ: ಬಳ್ಳಾರಿ ತಾಲ್ಲೂಕು ಹಿಂದುಳಿದ ವರ್ಗಗಳ ಕಲ್ಯಾಣ ಇಲಾಖೆ ವತಿಯಿಂದ ಮೆಟ್ರಿಕ್ ನಂತರದ ಬಾಲಕರ ಹಾಗೂ ಬಾಲಕಿಯರ ವಿದ್ಯಾರ್ಥಿ ನಿಲಯಗಳಲ್ಲಿ 2025-26ನೇ ಶೈಕ್ಷಣಿಕ ಸಾಲಿಗೆ ಪ್ರವೇಶಾತಿಗಾಗಿ ಅರ್ಹ ವಿದ್ಯಾರ್ಥಿಗಳಿಂದ
ಆನ್‌ಲೈನ್ ಮೂಲಕ ಅರ್ಜಿ ಆಹ್ವಾನಿಸಲಾಗಿದೆ. ಮೆಟ್ರಿಕ್ ನಂತರದ ಕೋರ್ಸುಗಳಲ್ಲಿ ವ್ಯಾಸಂಗ ಮಾಡುತ್ತಿರುವ ಅರ್ಹ ಪರಿಶಿಷ್ಟ ಪಂಗಡ ಮತ್ತು ಪರಿಶಿಷ್ಟ ಜಾತಿ ಹಾಗೂ ಇತರೆ ವರ್ಗದ ಬಾಲಕ ಮತ್ತು ಬಾಲಕಿಯರು ಅರ್ಜಿ ಸಲ್ಲಿಸಬಹುದು. ಆಸಕ್ತರು ಇಲಾಖೆಯ
State Hostel Portal ಗೆ ಭೇಟಿ ನೀಡಿ ಅರ್ಜಿ ಸಲ್ಲಿಸಬಹುದು. ಹೆಚ್ಚಿನ ಮಾಹಿತಿಗಾಗಿ ಮೊ.9110224569 ಗೆ ಸಂಪರ್ಕಿಸಬಹುದು ಎಂದು ಬಳ್ಳಾರಿ ತಾಲ್ಲೂಕು ಹಿಂದುಳಿದ ವರ್ಗಗಳ ಕಲ್ಯಾಣಾಧಿಕಾರಿಗಳು ಪ್ರಕಟಣೆಯಲ್ಲಿ ತಿಳಿಸಿದ್ದಾರೆ.
ಪರಿಸರ ಎನ್ನುವ ದೇವತೆ..
ಪರಿಸರ ಸಂರಕ್ಷಣೆ ಪ್ರತಿಯೊಬ್ಬ ನಾಗರಿಕನ ಕರ್ತವ್ಯ...!
ಪ್ರತಿ ವರ್ಷವೂ ಜೂನ್ 5 ರಂದು "ವಿಶ್ವ ಪರಿಸರ ದಿನಾಚರಣೆಯನ್ನು" ನಾವು ಆಚರಿಸುತ್ತಾ ಬಂದಿದ್ದೇವೆ. ಪರಿಸರ ಎಂದರೆ ನಮ್ಮ ಸುತ್ತಮುತ್ತಲು ಇರುವ ಎಲ್ಲಾ ಸುಂದರವಾದ ವಾತಾವರಣ ಅಂದರೆ ಬೆಟ್ಟ, ಗುಡ್ಡ, ಗಿಡ, ಮರ, ನದಿ, ಹಳ್ಳ, ಕೆರೆ, ಪ್ರಾಣಿಗಳನ್ನೆಲ್ಲ ನಾವು ಪರಿಸರ ಎಂದು ಕರೆಯುತ್ತೇವೆ. ಆದರೆ ನಮಗೆ ಈಗ ಅದರ ಅರಿವೇ ಇಲ್ಲದಂತಾಗಿದೆ. ನಾವು ಗಿಡ ಮರಗಳನ್ನು ಕಡಿದು ದೊಡ್ಡ ದೊಡ್ಡ ಕಟ್ಟಡಗಳನ್ನು ಕಟ್ಟುತ್ತಿದ್ದೇವೆ. ಇದರಿಂದ ನಮ್ಮ ಸುತ್ತಮುತ್ತಲಿನ ವಾತಾವರಣ ಕಲುಷಿತವಾಗುತ್ತಿದೆ. ಇದರಿಂದ ಪರಿಸರ ಬೇಕಾದಂತೆ ಮಳೆ ಬರುತ್ತಿಲ್ಲ. ನಮಗೆ ಶುದ್ಧ ಗಾಳಿ ಸಿಗುತ್ತಿಲ್ಲ. ನಾವು ನಮ್ಮ ಮುಂದಿನ ಪೀಳಿಗೆಗೆ ಉತ್ತಮವಾದ ಪರಿಸರವನ್ನು ಬಿಟ್ಟು ಹೋಗಬೇಕಾಗಿದೆ. ನಮ್ಮ ಹಿರಿಯರು ಎಷ್ಟೋ ಮರಗಳನ್ನು ಬೆಳೆಸಿದ್ದರು. ಅದರ ಫಲವನ್ನು ನಾವು ಇಂದು ಅನುಭವಿಸುತ್ತಿದ್ದೇವೆ. ಹಾಗೆಯೇ ನಾವು ಕೂಡ ನಮ್ಮ ಮುಂದಿನ ಪೀಳಿಗೆಗೆ ಮರಗಳನ್ನು ಬೆಳೆಸಬೇಕು. ಪ್ರತಿ ಮನೆಯಲ್ಲೂ ಒಂದು ಗಿಡವನ್ನು ನೆಟ್ಟು ಪೋಷಿಸಬೇಕು. ಪ್ಲಾಸ್ಟಿಕ್ ಬಳಕೆಯನ್ನು ಕಡಿಮೆ ಮಾಡಬೇಕು. ನೀರನ್ನು ಮಿತವಾಗಿ ಬಳಸಬೇಕು. ನಮ್ಮ ಶಾಲೆಗಳಲ್ಲಿ ಮಕ್ಕಳಿಗೆ ಪರಿಸರದ ಮಹತ್ವದ ಬಗ್ಗೆ ತಿಳಿಸಿಕೊಡಬೇಕು. ಪರಿಸರವನ್ನು ಸಂರಕ್ಷಿಸುವುದು ನಮ್ಮೆಲ್ಲರ ಕರ್ತವ್ಯವಾಗಿದೆ.
ಪರಿಸರದಲ್ಲೇ. ಅವರ ಗುರುಗಳು ಪರಿಸರದ ಹಾಡುಗಳನ್ನು ಹೇಳಿಕೊಡುತ್ತಿದ್ದರು. ನಾವು ಚಿಕ್ಕವರಿದ್ದಾಗ ಶಾಲೆಯ ಸುತ್ತಲೂ ಗಿಡಗಳನ್ನು ನೆಟ್ಟು ನೀರು ಹಾಕುತ್ತಿದ್ದೆವು. ಆ ಗಿಡಗಳು ಬೆಳೆದು ದೊಡ್ಡ ಮರಗಳಾಗಿ ಇಂದಿಗೂ ನೆರಳು ನೀಡುತ್ತಿವೆ. ಪರಿಸರದ ಜೊತೆ ನಮ್ಮ ಬದುಕು ಹೆಣೆದುಕೊಂಡಿದೆ. ಕಾಡು ಉಳಿದರೆ ನಾಡು ಉಳಿಯುತ್ತದೆ. ಪ್ರತಿಯೊಬ್ಬರೂ ಪರಿಸರ ಸ್ನೇಹಿ ಜೀವನ ನಡೆಸಬೇಕು.
ಈಗ ಎಲ್ಲಿ ನೋಡಿದರೂ ಮುಗಿಲೆತ್ತರದ ಕಟ್ಟಡಗಳು. ಮನೆಯ ಅಂಗಳದಲ್ಲಿ ಒಂದು ಗಿಡ ನೆಡಲು ಜಾಗವಿಲ್ಲ. ನೀರಿನ ಮೂಲಗಳು ಬತ್ತಿ ಹೋಗುತ್ತಿವೆ. ಕೆರೆ ಕಟ್ಟೆಗಳು ಒತ್ತುವರಿಯಾಗುತ್ತಿವೆ. ನಾವು ಪರಿಸರವನ್ನು ರಕ್ಷಿಸಿದರೆ ಪರಿಸರ ನಮ್ಮನ್ನು ರಕ್ಷಿಸುತ್ತದೆ. ಬನ್ನಿ ಎಲ್ಲರೂ ಸೇರಿ ಪರಿಸರವನ್ನು ಉಳಿಸೋಣ, ಬೆಳೆಸೋಣ.
ಎಂಬು ಹೆಗ್ಗಳಿಕೆ ಪಾತ್ರರಾದರು. ಅವರಿಗೆ ಈಗ 113 ವರ್ಷಗಳು. ಪ್ರತಿಫಲ ಮಾತ್ರ ಅಪೇಕ್ಷಿಸದೇ ಮರಗಳನ್ನು ಬೆಳೆಸಿದ ಸಾಲುಮರದ ತಿಮ್ಮಕ್ಕ ಅವರು ನಮಗೆಲ್ಲ ಆದರ್ಶ. ರಸ್ತೆ ಬದಿಯಲ್ಲಿ 8000 ಕ್ಕೂ ಹೆಚ್ಚು ಮರಗಳನ್ನು ನೆಟ್ಟು ಪೋಷಿಸಿದ ಅವರ ಕಾರ್ಯ ಎಲ್ಲರಿಗೂ ಮಾದರಿ. ನಾವು ಕೂಡ ಅವರಂತೆ ಪರಿಸರಕ್ಕಾಗಿ ನಮ್ಮ ಕೈಲಾದಷ್ಟು ಸೇವೆ ಸಲ್ಲಿಸಬೇಕು. ನಮ್ಮ ಹುಟ್ಟುಹಬ್ಬದ ದಿನದಂದು ಒಂದು ಗಿಡ ನೆಡುವ ಸಂಕಲ್ಪ ಮಾಡೋಣ. ಮರಗಳು ನಮಗೆ ಆಮ್ಲಜನಕ, ನೆರಳು, ಹಣ್ಣು, ಔಷಧಿ ಎಲ್ಲವನ್ನೂ ನೀಡುತ್ತವೆ. ಅವುಗಳನ್ನು ಉಳಿಸಿ ಬೆಳೆಸುವುದು ನಮ್ಮ ಧರ್ಮ. "ಪರಿಸರ ಸಂರಕ್ಷಣೆ ನಮ್ಮ ಹೊಣೆ" ಎಂಬ ಘೋಷವಾಕ್ಯದೊಂದಿಗೆ ಮುನ್ನಡೆಯೋಣ.
– ಲಕ್ಷ್ಮಿ ಎಚ್. ಬಲ್ಲೂರ
ಹೇ ನಿಸರ್ಗವೇ ನಾ ನಿನಗಂಚೇತನೆ....
ನಿನ್ನ ಸೌಮನ ಮನೋಹರವಾದ
ಸೌಂದರ್ಯವನ್ನು ಸವಿಯಬೇಕೆನ್ನಿಸಿದೆ!
ನಿನ್ನ ಮಡಿಲಲ್ಲಿ ನನ್ನನ್ನು ನಿದ್ರಿಸಲು
ನಿನ್ನ ಮಾ ಸಮಯದ ಆಶೀರ್ವಾದ ಅ ನಿನ್ನ ಸೊಗಸು!
ನಿನ್ನ ರಹಸ್ಯದ ನನ್ನೆಲ್ಲ ಹುಡುಕುವ ನಾನು
ತಿಳಿಯಬೇಕೆನ್ನಿಸುತ್ತಿದೆ ನಿಸರ್ಗವೇ ನಿನ್ನ ರಹಸ್ಯ
ತಿಳಿಸಿ ಹೇಳುವೆಯಾ ಅ ನಿನ್ನ ಸೌಂದರ್ಯದ ಗುಟ್ಟನ್ನು...
"ನನಗೆ ನಾನೇ ಪ್ರಶ್ನಿಸಿಕೊಂಡೆ
"ಕೊಡುವ ನಿಸರ್ಗದಲ್ಲಿ ಹಣವಿಲ್ಲ ನಿನ್ನ
ಕಲಿಯಲು ನಾಟಕ ಶಾಲೆಯಿಲ್ಲ
ಗುರುವಿಲ್ಲದ ವಿದ್ಯೆಯಂತೆ ನೀನು ಕಲಿತೆ ಹೇಗೆ?
ಸಹಜ ಸುಂದರಿ ಸಿರಿ ಸೊಬಗ ನೀನು
ಮಾಡುವೆಯಾ ನನ್ನ ಮನಸ್ಸಿನ ಸಂತಸದ ಕೆಲಸ
ನಿನ್ನ ಮೂಲದಲ್ಲೇ ನಿನ್ನನ್ನೇ ಮರೆತು ಹೋಗಿರುವೆ ನಾನು
ಹೇಳುವೆಯಾ ನೀನು ನನ್ನ ರಹಸ್ಯವನ್ನು
ಬರೆಯಬೇಕು ನಿನ್ನನ್ನು ಕವನವಾಗಿ!
ವಿಜ್ಞಾನಿಗಳ ತಂತ್ರಜ್ಞಾನಕ್ಕೆ ಸವಾಲಾಗಿರುವ ನೀನು
ವೈದ್ಯರಿಗೆ ಬರುವ ಔಷಧಿ ಧನ್ವಂತರಿ ನೀನು
ಋಷಿ ಮುನಿಗಳಿಗೆ ಜ್ಞಾನಭಂಡಾರ ಆದ ನೀನು
ಕವಿಗಳ ಕಲ್ಪನೆಗೆ ಸೌಂದರ್ಯ ಸಿರಿ ನೀನು
ಕಲೆಗಳಿಗೆ ಸಾಕ್ಷಾತ್ ಸಾಯುವ ಉಸಿರು ನೀನು
ಜೀವನ ಮರಗಳಿಗೆ ಸಾರುವ ಜೀವದ ಸಿರಿ ನೀನು
ನನಗೆ ದಿನಚರಿ ಕಲಿಸು ನನ್ನ ಗುರುವೇ ನೀನು
ನಿನ್ನನ್ನು ನಿನ್ನ ರಹಸ್ಯವನ್ನು ಸವಿಯಬೇಕೆನ್ನಿಸಿದೆ ಈ ನನ್ನ
ಮನ ನಿನ್ನ ಸೌಂದರ್ಯವನ್ನು
ನಮಗಾಗಿ ನಿನಗೆ ನೀಡಿರುವೆ ನೀನು ಬಳಿಕ ಶಾಂತಿ
ನಿನ್ನನ್ನು ಎಲ್ಲ ರೀತಿಯಿಂದ ಹೇಳಲೇಬೇಕು
ಹಾಡಿ ಹೊಗಳಿದರೂ ಸಾಲದು ನಿನ್ನ ಮಹಿಮೆ
ನಿನ್ನನ್ನು ರಕ್ಷಿಸುವುದೇ ನಮ್ಮೆಲ್ಲರ ಕರ್ತವ್ಯ
ಪರಿಸರ ಉಳಿಸಿ ನಾಡಿ ಉಳಿಸಿ
"ಪರಿಸರವೇ ದೇವತೆ ಪರಿಸರ ದಿನದ ಶುಭಾಶಯಗಳು"
– ಲಕ್ಷ್ಮಿ ಜಿ. ಬಲ್ಲೂರ
